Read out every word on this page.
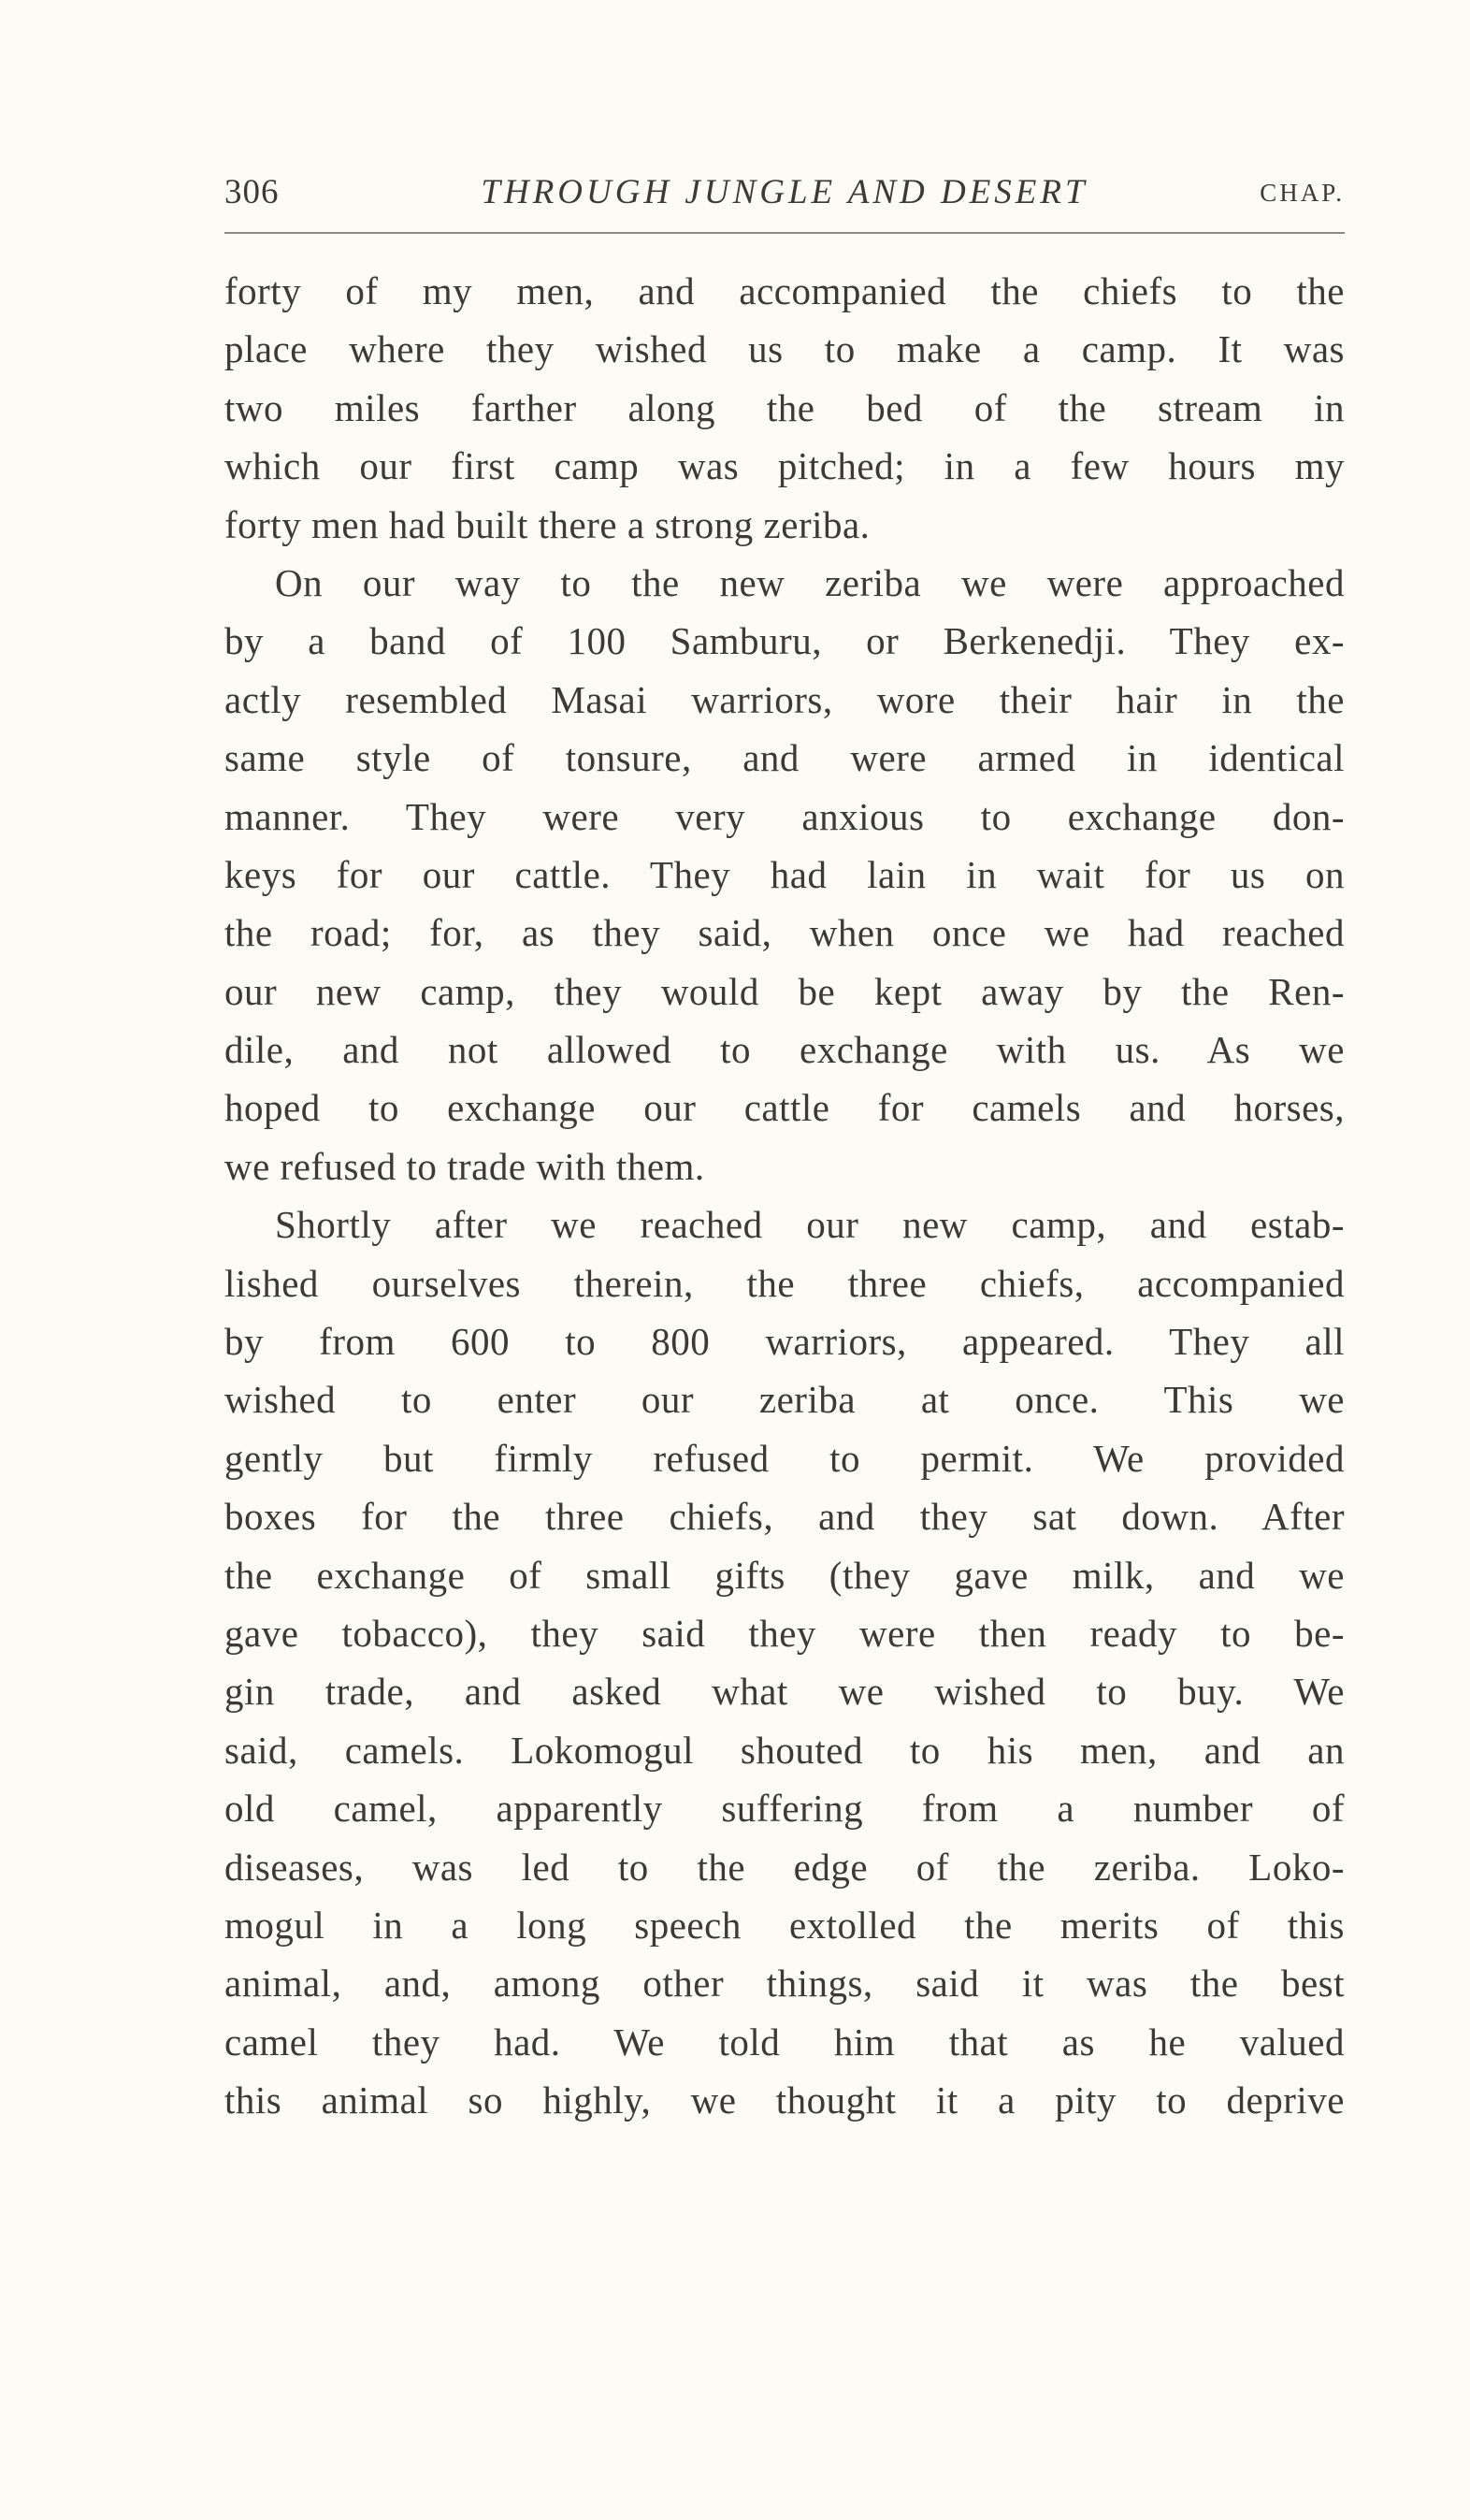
306	THROUGH JUNGLE AND DESERT	CHAP.
forty of my men, and accompanied the chiefs to the
place where they wished us to make a camp. It was
two miles farther along the bed of the stream in
which our first camp was pitched; in a few hours my
forty men had built there a strong zeriba.
On our way to the new zeriba we were approached
by a band of 100 Samburu, or Berkenedji. They ex-
actly resembled Masai warriors, wore their hair in the
same style of tonsure, and were armed in identical
manner. They were very anxious to exchange don-
keys for our cattle. They had lain in wait for us on
the road; for, as they said, when once we had reached
our new camp, they would be kept away by the Ren-
dile, and not allowed to exchange with us. As we
hoped to exchange our cattle for camels and horses,
we refused to trade with them.
Shortly after we reached our new camp, and estab-
lished ourselves therein, the three chiefs, accompanied
by from 600 to 800 warriors, appeared. They all
wished to enter our zeriba at once. This we
gently but firmly refused to permit. We provided
boxes for the three chiefs, and they sat down. After
the exchange of small gifts (they gave milk, and we
gave tobacco), they said they were then ready to be-
gin trade, and asked what we wished to buy. We
said, camels. Lokomogul shouted to his men, and an
old camel, apparently suffering from a number of
diseases, was led to the edge of the zeriba. Loko-
mogul in a long speech extolled the merits of this
animal, and, among other things, said it was the best
camel they had. We told him that as he valued
this animal so highly, we thought it a pity to deprive
